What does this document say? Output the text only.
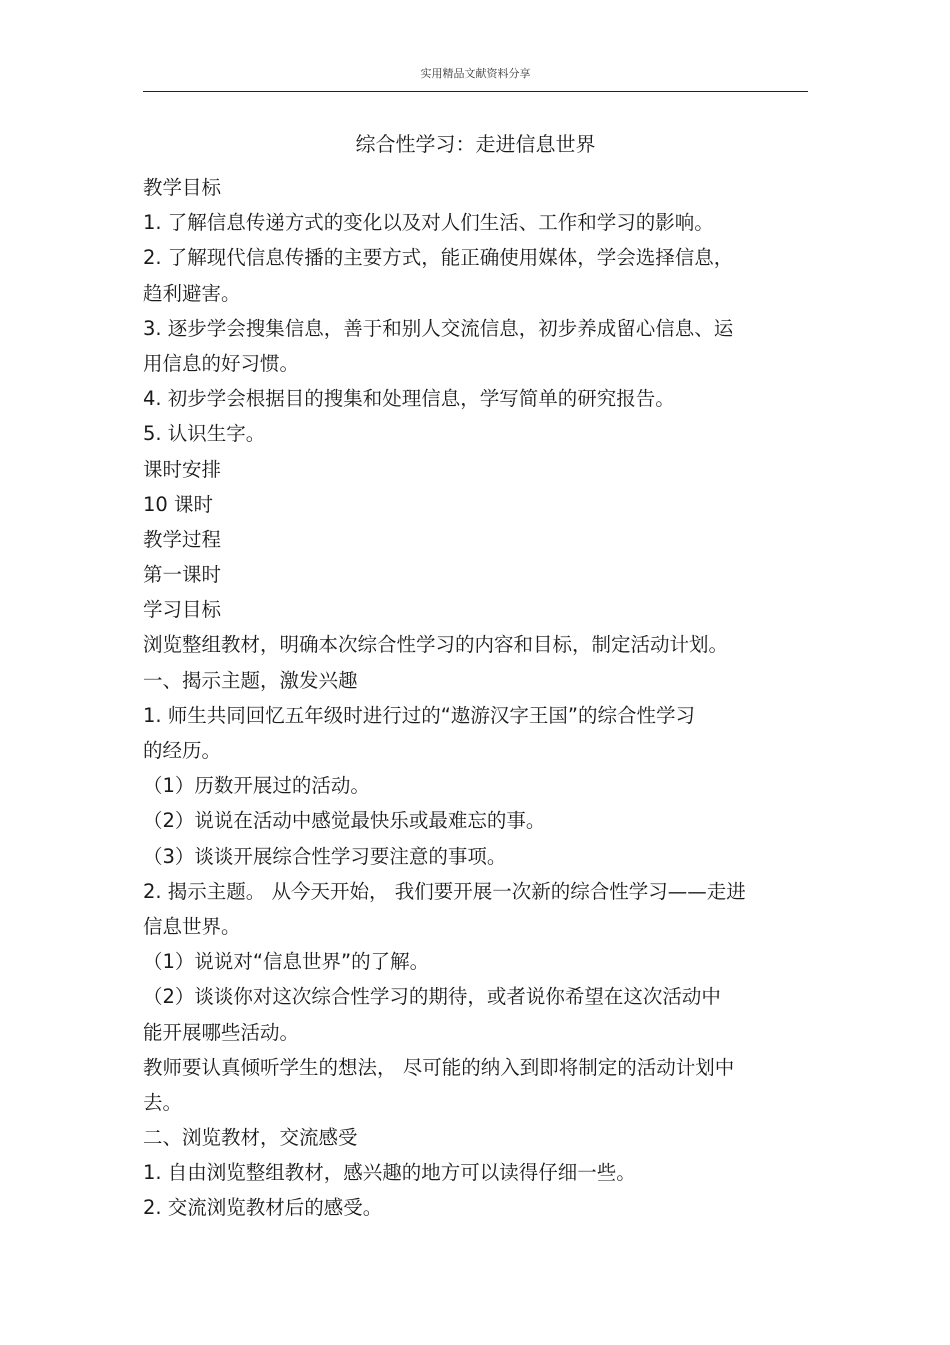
实用精品文献资料分享
综合性学习：走进信息世界
教学目标
1. 了解信息传递方式的变化以及对人们生活、工作和学习的影响。
2. 了解现代信息传播的主要方式，能正确使用媒体，学会选择信息，
趋利避害。
3. 逐步学会搜集信息，善于和别人交流信息，初步养成留心信息、运
用信息的好习惯。
4. 初步学会根据目的搜集和处理信息，学写简单的研究报告。
5. 认识生字。
课时安排
10 课时
教学过程
第一课时
学习目标
浏览整组教材，明确本次综合性学习的内容和目标，制定活动计划。
一、揭示主题，激发兴趣
1. 师生共同回忆五年级时进行过的“遨游汉字王国”的综合性学习
的经历。
（1）历数开展过的活动。
（2）说说在活动中感觉最快乐或最难忘的事。
（3）谈谈开展综合性学习要注意的事项。
2. 揭示主题。 从今天开始， 我们要开展一次新的综合性学习——走进
信息世界。
（1）说说对“信息世界”的了解。
（2）谈谈你对这次综合性学习的期待，或者说你希望在这次活动中
能开展哪些活动。
教师要认真倾听学生的想法， 尽可能的纳入到即将制定的活动计划中
去。
二、浏览教材，交流感受
1. 自由浏览整组教材，感兴趣的地方可以读得仔细一些。
2. 交流浏览教材后的感受。
